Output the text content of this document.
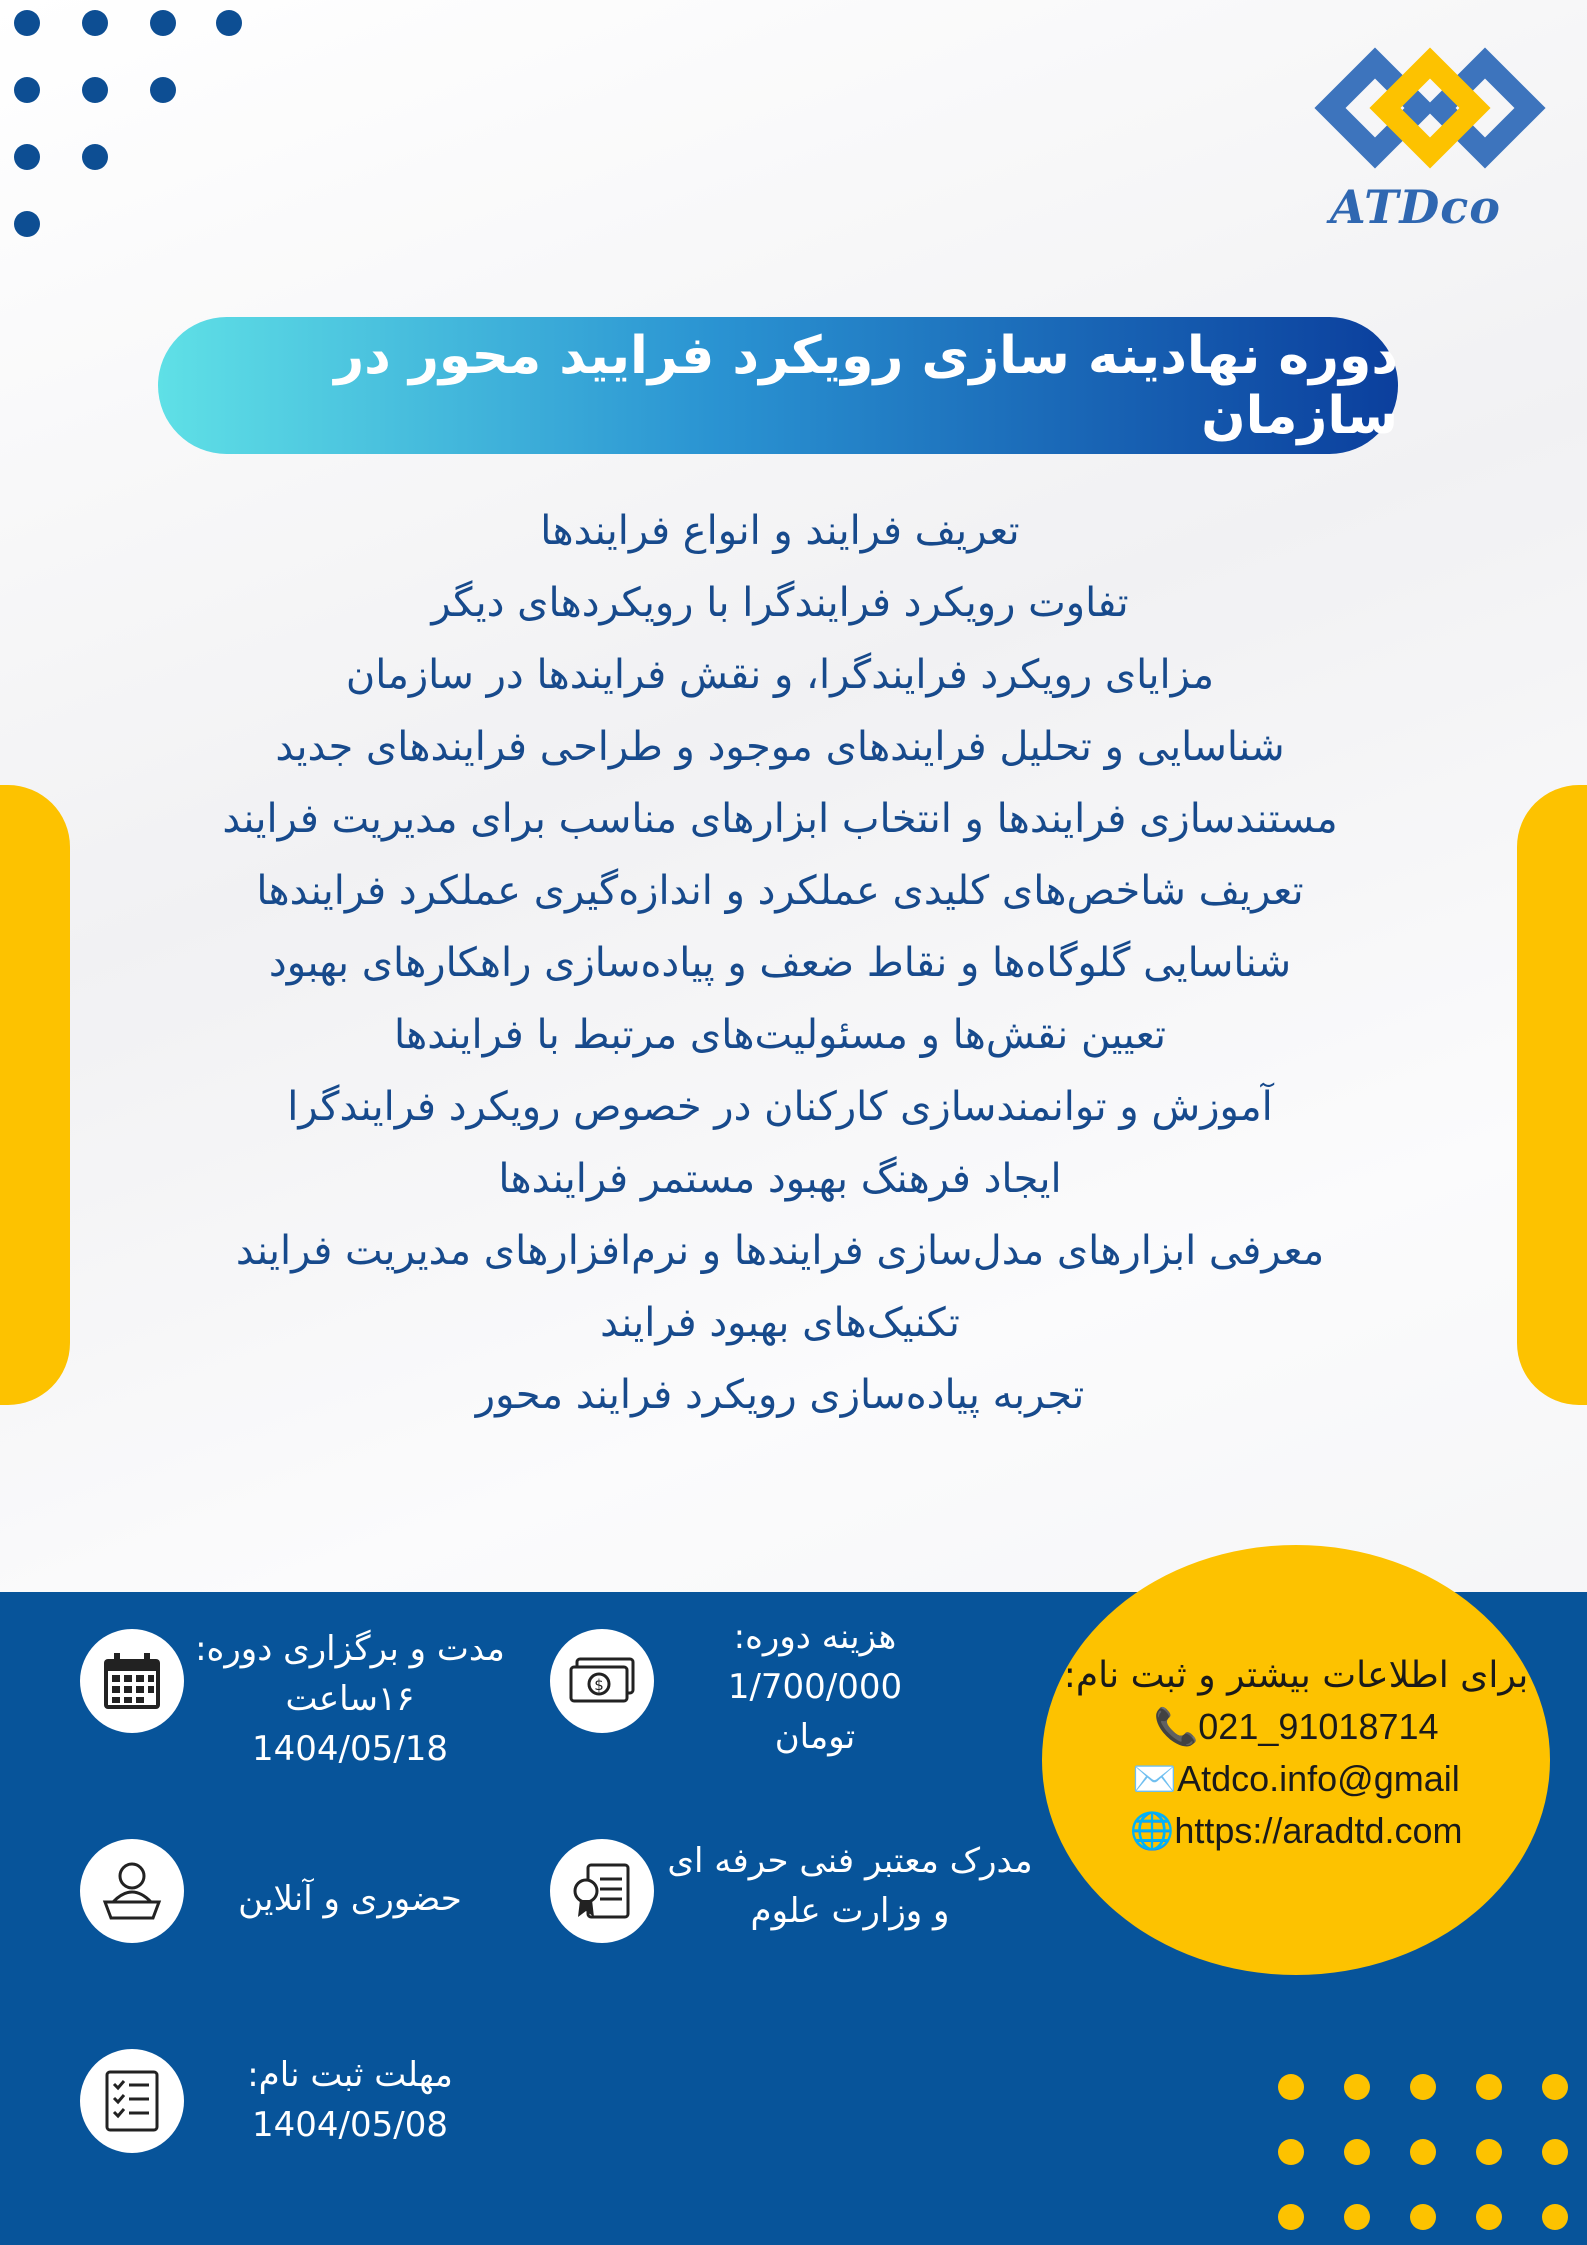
ATDco
دوره نهادینه سازی رویکرد فرایید محور در سازمان
تعریف فرایند و انواع فرایندها
تفاوت رویکرد فرایندگرا با رویکردهای دیگر
مزایای رویکرد فرایندگرا، و نقش فرایندها در سازمان
شناسایی و تحلیل فرایندهای موجود و طراحی فرایندهای جدید
مستندسازی فرایندها و انتخاب ابزارهای مناسب برای مدیریت فرایند
تعریف شاخص‌های کلیدی عملکرد و اندازه‌گیری عملکرد فرایندها
شناسایی گلوگاه‌ها و نقاط ضعف و پیاده‌سازی راهکارهای بهبود
تعیین نقش‌ها و مسئولیت‌های مرتبط با فرایندها
آموزش و توانمندسازی کارکنان در خصوص رویکرد فرایندگرا
ایجاد فرهنگ بهبود مستمر فرایندها
معرفی ابزارهای مدل‌سازی فرایندها و نرم‌افزارهای مدیریت فرایند
تکنیک‌های بهبود فرایند
تجربه پیاده‌سازی رویکرد فرایند محور
برای اطلاعات بیشتر و ثبت نام:
📞021_91018714
✉️Atdco.info@gmail
🌐https://aradtd.com
$
هزینه دوره:
1/700/000
تومان
مدت و برگزاری دوره:
۱۶ساعت
1404/05/18
حضوری و آنلاین
مدرک معتبر فنی حرفه ای
و وزارت علوم
مهلت ثبت نام:
1404/05/08
